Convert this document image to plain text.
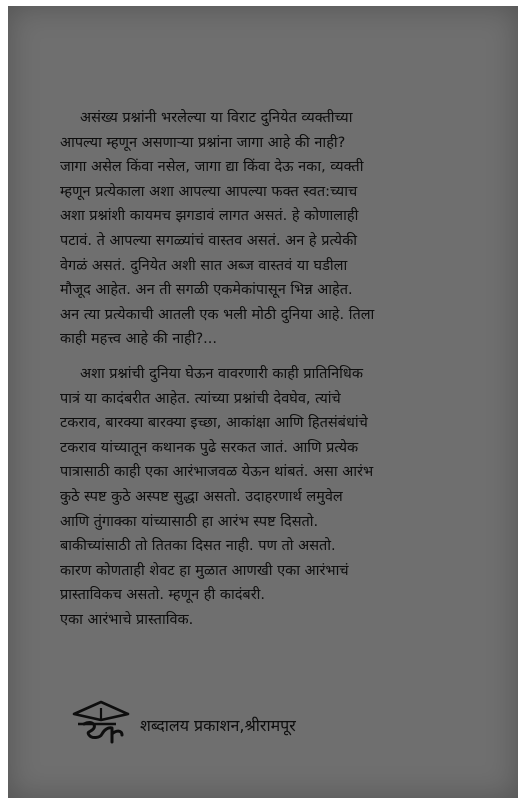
असंख्य प्रश्नांनी भरलेल्या या विराट दुनियेत व्यक्तीच्या
आपल्या म्हणून असणाऱ्या प्रश्नांना जागा आहे की नाही?
जागा असेल किंवा नसेल, जागा द्या किंवा देऊ नका, व्यक्ती
म्हणून प्रत्येकाला अशा आपल्या आपल्या फक्त स्वत:च्याच
अशा प्रश्नांशी कायमच झगडावं लागत असतं. हे कोणालाही
पटावं. ते आपल्या सगळ्यांचं वास्तव असतं. अन हे प्रत्येकी
वेगळं असतं. दुनियेत अशी सात अब्ज वास्तवं या घडीला
मौजूद आहेत. अन ती सगळी एकमेकांपासून भिन्न आहेत.
अन त्या प्रत्येकाची आतली एक भली मोठी दुनिया आहे. तिला
काही महत्त्व आहे की नाही?...

अशा प्रश्नांची दुनिया घेऊन वावरणारी काही प्रातिनिधिक
पात्रं या कादंबरीत आहेत. त्यांच्या प्रश्नांची देवघेव, त्यांचे
टकराव, बारक्या बारक्या इच्छा, आकांक्षा आणि हितसंबंधांचे
टकराव यांच्यातून कथानक पुढे सरकत जातं. आणि प्रत्येक
पात्रासाठी काही एका आरंभाजवळ येऊन थांबतं. असा आरंभ
कुठे स्पष्ट कुठे अस्पष्ट सुद्धा असतो. उदाहरणार्थ लमुवेल
आणि तुंगाक्का यांच्यासाठी हा आरंभ स्पष्ट दिसतो.
बाकीच्यांसाठी तो तितका दिसत नाही. पण तो असतो.
कारण कोणताही शेवट हा मुळात आणखी एका आरंभाचं
प्रास्ताविकच असतो. म्हणून ही कादंबरी.
एका आरंभाचे प्रास्ताविक.

शब्दालय प्रकाशन,श्रीरामपूर
